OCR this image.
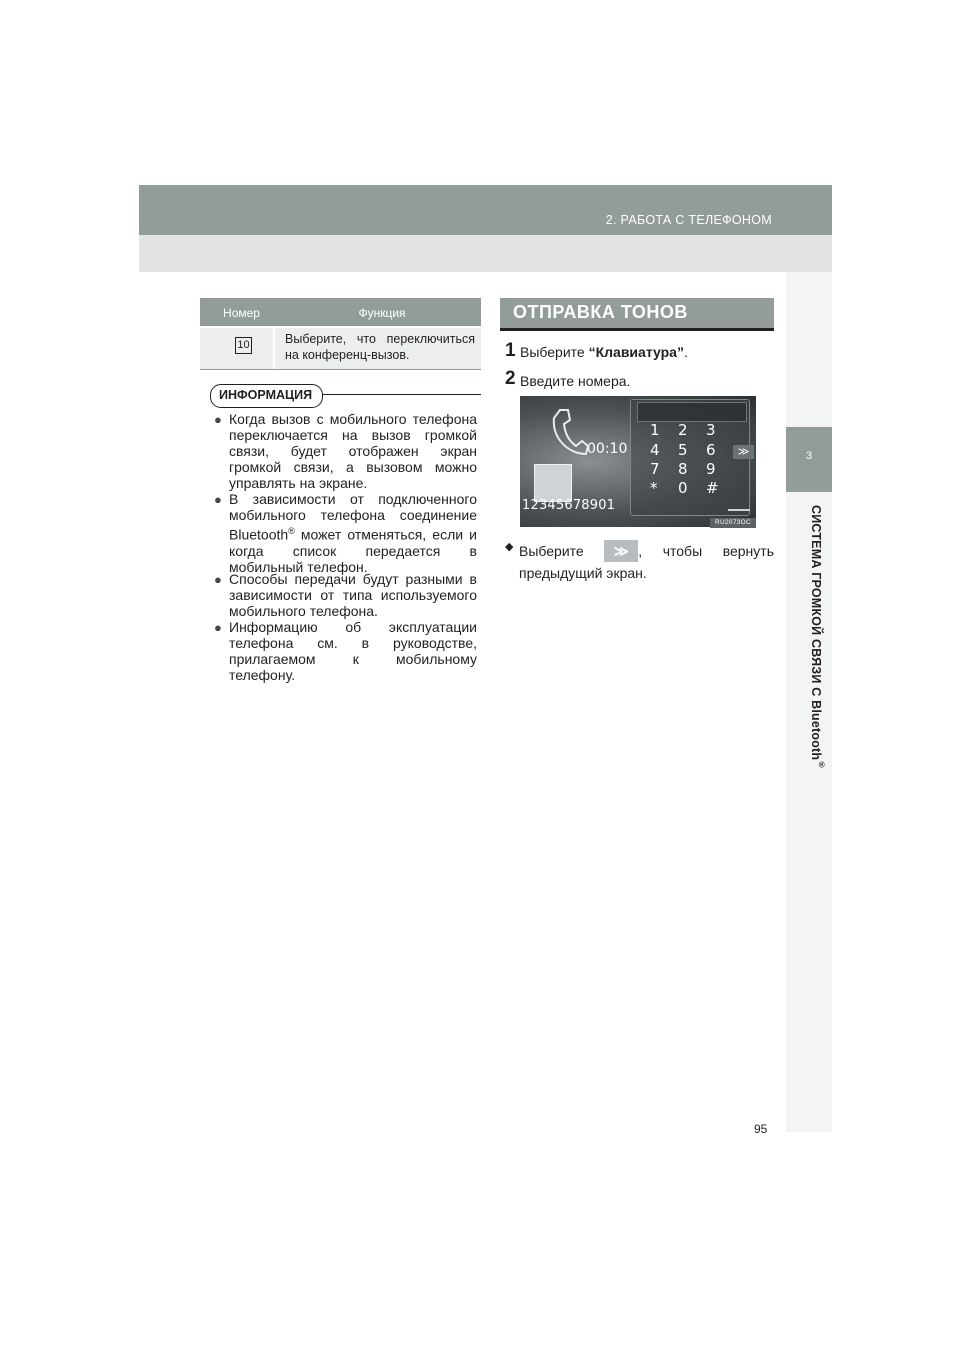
2. РАБОТА С ТЕЛЕФОНОМ
3
СИСТЕМА ГРОМКОЙ СВЯЗИ С Bluetooth®
Номер	Функция
10	Выберите, что переключиться на конференц-вызов.
ИНФОРМАЦИЯ
● Когда вызов с мобильного телефона переключается на вызов громкой связи, будет отображен экран громкой связи, а вызовом можно управлять на экране.
● В зависимости от подключенного мобильного телефона соединение Bluetooth® может отменяться, если и когда список передается в мобильный телефон.
● Способы передачи будут разными в зависимости от типа используемого мобильного телефона.
● Информацию об эксплуатации телефона см. в руководстве, прилагаемом к мобильному телефону.
ОТПРАВКА ТОНОВ
1 Выберите “Клавиатура”.
2 Введите номера.
00:10
12345678901
1 2 3
4 5 6
7 8 9
* 0 #
≫
RU2073OC
◆ Выберите	≫ , чтобы вернуть
предыдущий экран.
95
